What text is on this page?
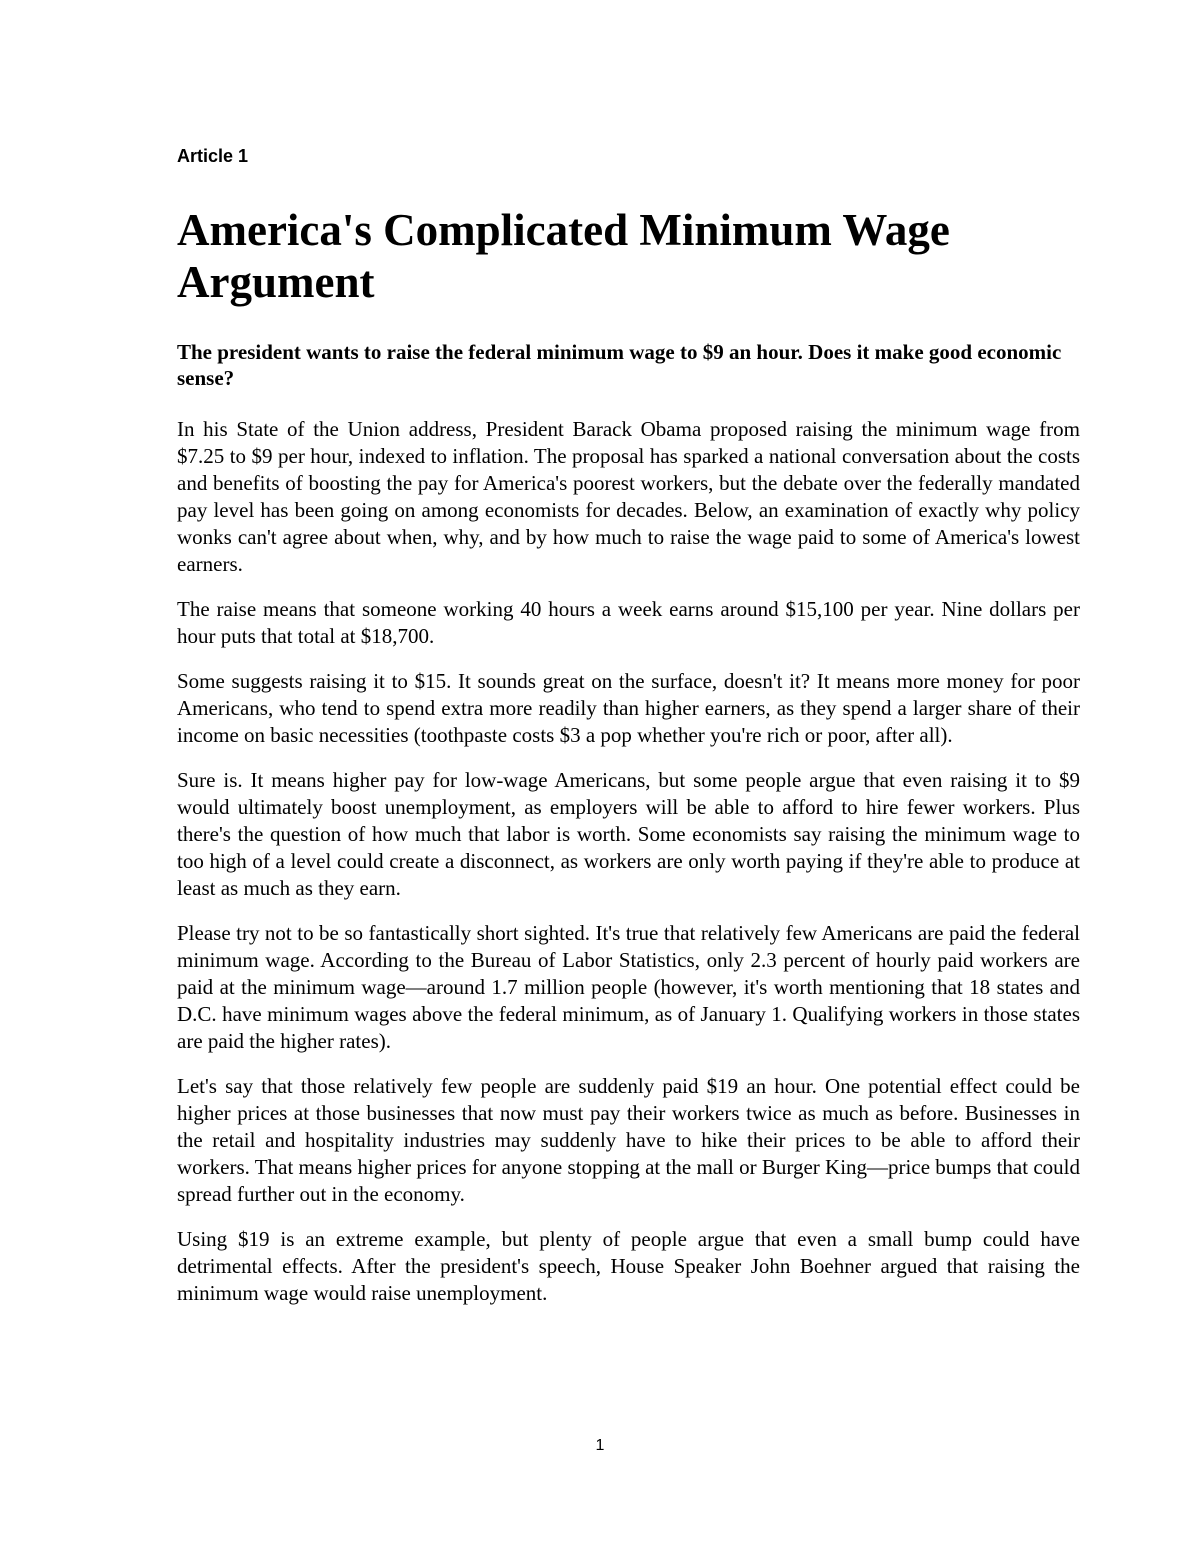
Article 1
America's Complicated Minimum Wage Argument

The president wants to raise the federal minimum wage to $9 an hour. Does it make good economic sense?

In his State of the Union address, President Barack Obama proposed raising the minimum wage from $7.25 to $9 per hour, indexed to inflation. The proposal has sparked a national conversation about the costs and benefits of boosting the pay for America's poorest workers, but the debate over the federally mandated pay level has been going on among economists for decades. Below, an examination of exactly why policy wonks can't agree about when, why, and by how much to raise the wage paid to some of America's lowest earners.

The raise means that someone working 40 hours a week earns around $15,100 per year. Nine dollars per hour puts that total at $18,700.

Some suggests raising it to $15. It sounds great on the surface, doesn't it? It means more money for poor Americans, who tend to spend extra more readily than higher earners, as they spend a larger share of their income on basic necessities (toothpaste costs $3 a pop whether you're rich or poor, after all).

Sure is. It means higher pay for low-wage Americans, but some people argue that even raising it to $9 would ultimately boost unemployment, as employers will be able to afford to hire fewer workers. Plus there's the question of how much that labor is worth. Some economists say raising the minimum wage to too high of a level could create a disconnect, as workers are only worth paying if they're able to produce at least as much as they earn.

Please try not to be so fantastically short sighted. It's true that relatively few Americans are paid the federal minimum wage. According to the Bureau of Labor Statistics, only 2.3 percent of hourly paid workers are paid at the minimum wage—around 1.7 million people (however, it's worth mentioning that 18 states and D.C. have minimum wages above the federal minimum, as of January 1. Qualifying workers in those states are paid the higher rates).

Let's say that those relatively few people are suddenly paid $19 an hour. One potential effect could be higher prices at those businesses that now must pay their workers twice as much as before. Businesses in the retail and hospitality industries may suddenly have to hike their prices to be able to afford their workers. That means higher prices for anyone stopping at the mall or Burger King—price bumps that could spread further out in the economy.

Using $19 is an extreme example, but plenty of people argue that even a small bump could have detrimental effects. After the president's speech, House Speaker John Boehner argued that raising the minimum wage would raise unemployment.

1
